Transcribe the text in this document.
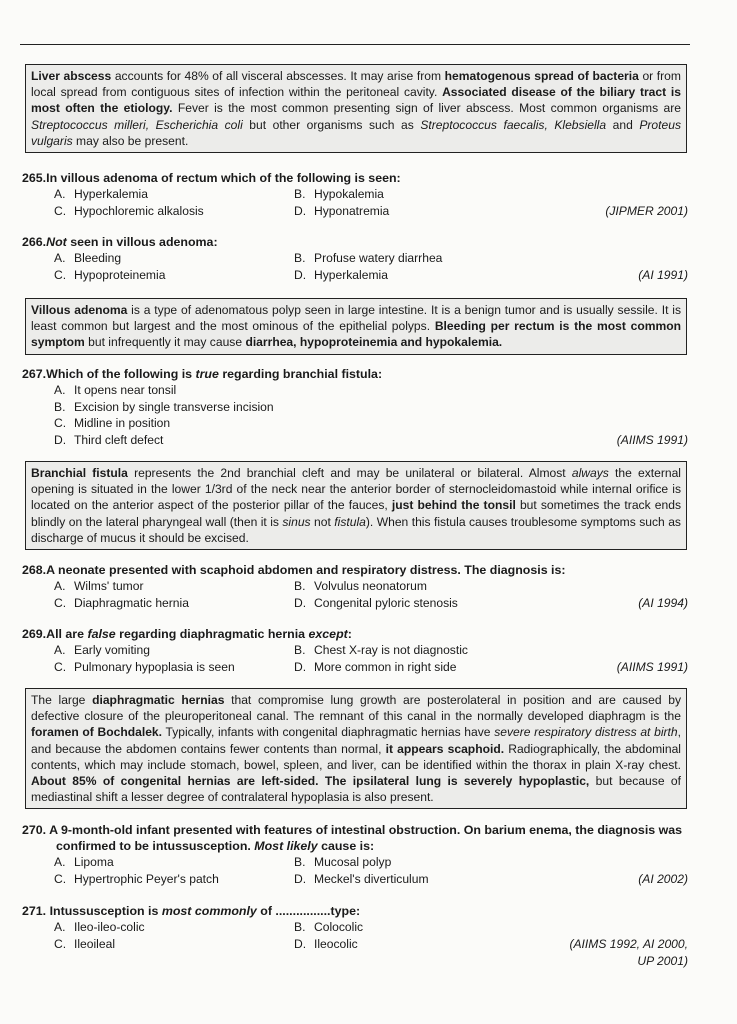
Liver abscess accounts for 48% of all visceral abscesses. It may arise from hematogenous spread of bacteria or from local spread from contiguous sites of infection within the peritoneal cavity. Associated disease of the biliary tract is most often the etiology. Fever is the most common presenting sign of liver abscess. Most common organisms are Streptococcus milleri, Escherichia coli but other organisms such as Streptococcus faecalis, Klebsiella and Proteus vulgaris may also be present.
265.In villous adenoma of rectum which of the following is seen:
A. Hyperkalemia	B. Hypokalemia
C. Hypochloremic alkalosis	D. Hyponatremia	(JIPMER 2001)
266.Not seen in villous adenoma:
A. Bleeding	B. Profuse watery diarrhea
C. Hypoproteinemia	D. Hyperkalemia	(AI 1991)
Villous adenoma is a type of adenomatous polyp seen in large intestine. It is a benign tumor and is usually sessile. It is least common but largest and the most ominous of the epithelial polyps. Bleeding per rectum is the most common symptom but infrequently it may cause diarrhea, hypoproteinemia and hypokalemia.
267.Which of the following is true regarding branchial fistula:
A. It opens near tonsil
B. Excision by single transverse incision
C. Midline in position
D. Third cleft defect	(AIIMS 1991)
Branchial fistula represents the 2nd branchial cleft and may be unilateral or bilateral. Almost always the external opening is situated in the lower 1/3rd of the neck near the anterior border of sternocleidomastoid while internal orifice is located on the anterior aspect of the posterior pillar of the fauces, just behind the tonsil but sometimes the track ends blindly on the lateral pharyngeal wall (then it is sinus not fistula). When this fistula causes troublesome symptoms such as discharge of mucus it should be excised.
268.A neonate presented with scaphoid abdomen and respiratory distress. The diagnosis is:
A. Wilms' tumor	B. Volvulus neonatorum
C. Diaphragmatic hernia	D. Congenital pyloric stenosis	(AI 1994)
269.All are false regarding diaphragmatic hernia except:
A. Early vomiting	B. Chest X-ray is not diagnostic
C. Pulmonary hypoplasia is seen	D. More common in right side	(AIIMS 1991)
The large diaphragmatic hernias that compromise lung growth are posterolateral in position and are caused by defective closure of the pleuroperitoneal canal. The remnant of this canal in the normally developed diaphragm is the foramen of Bochdalek. Typically, infants with congenital diaphragmatic hernias have severe respiratory distress at birth, and because the abdomen contains fewer contents than normal, it appears scaphoid. Radiographically, the abdominal contents, which may include stomach, bowel, spleen, and liver, can be identified within the thorax in plain X-ray chest. About 85% of congenital hernias are left-sided. The ipsilateral lung is severely hypoplastic, but because of mediastinal shift a lesser degree of contralateral hypoplasia is also present.
270. A 9-month-old infant presented with features of intestinal obstruction. On barium enema, the diagnosis was confirmed to be intussusception. Most likely cause is:
A. Lipoma	B. Mucosal polyp
C. Hypertrophic Peyer's patch	D. Meckel's diverticulum	(AI 2002)
271. Intussusception is most commonly of ................type:
A. Ileo-ileo-colic	B. Colocolic
C. Ileoileal	D. Ileocolic	(AIIMS 1992, AI 2000, UP 2001)
